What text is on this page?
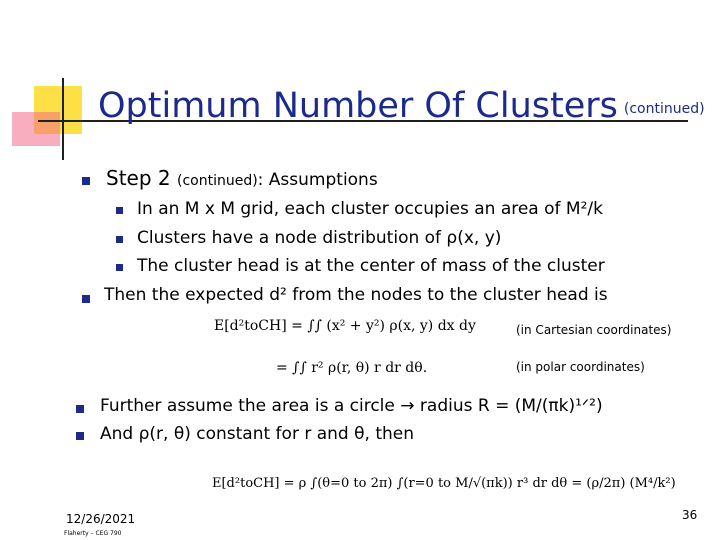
Optimum Number Of Clusters (continued)
Step 2 (continued): Assumptions
In an M x M grid, each cluster occupies an area of M²/k
Clusters have a node distribution of ρ(x, y)
The cluster head is at the center of mass of the cluster
Then the expected d² from the nodes to the cluster head is
E[d²toCH] = ∫∫ (x² + y²) ρ(x, y) dx dy	(in Cartesian coordinates)
(in polar coordinates)
= ∫∫ r² ρ(r, θ) r dr dθ.
Further assume the area is a circle → radius R = (M/(πk)¹ᐟ²)
And ρ(r, θ) constant for r and θ, then
E[d²toCH] = ρ ∫(θ=0 to 2π) ∫(r=0 to M/√(πk)) r³ dr dθ = (ρ/2π) (M⁴/k²)
12/26/2021
Flaherty – CEG 790
36
